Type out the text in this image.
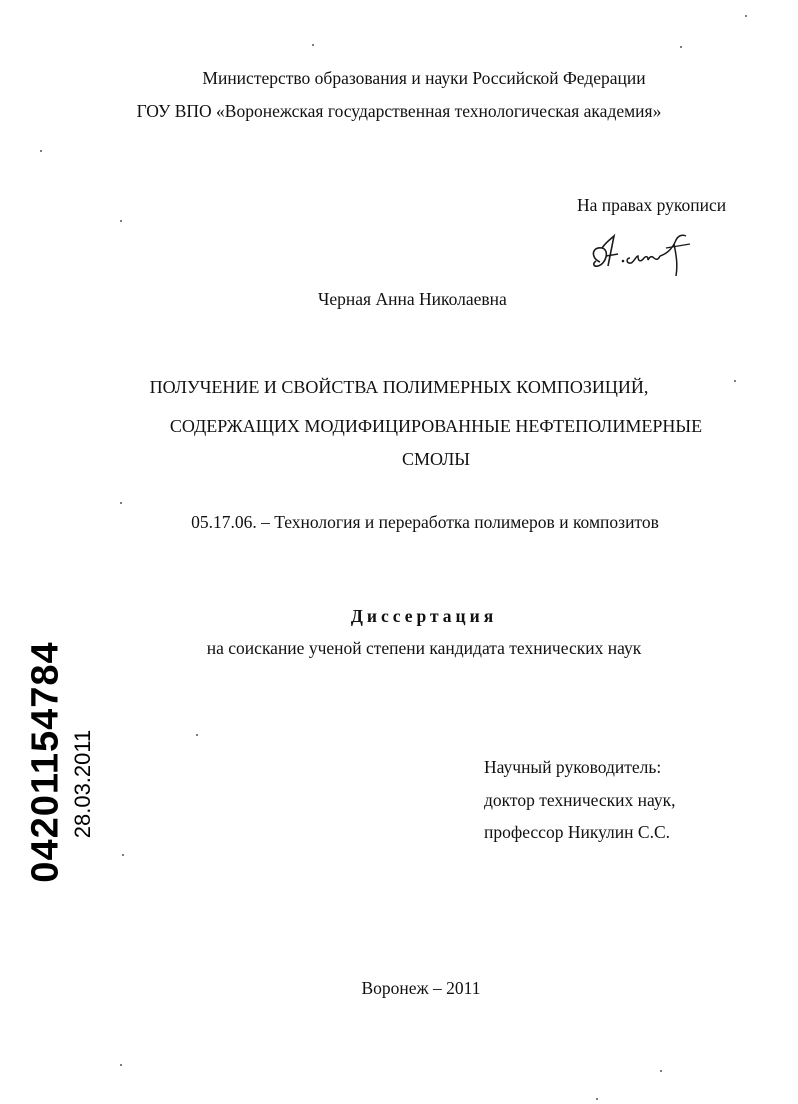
Министерство образования и науки Российской Федерации
ГОУ ВПО «Воронежская государственная технологическая академия»
На правах рукописи
Черная Анна Николаевна
ПОЛУЧЕНИЕ И СВОЙСТВА ПОЛИМЕРНЫХ КОМПОЗИЦИЙ,
СОДЕРЖАЩИХ МОДИФИЦИРОВАННЫЕ НЕФТЕПОЛИМЕРНЫЕ
СМОЛЫ
05.17.06. – Технология и переработка полимеров и композитов
Диссертация
на соискание ученой степени кандидата технических наук
Научный руководитель:
доктор технических наук,
профессор Никулин С.С.
Воронеж – 2011
04201154784 28.03.2011
